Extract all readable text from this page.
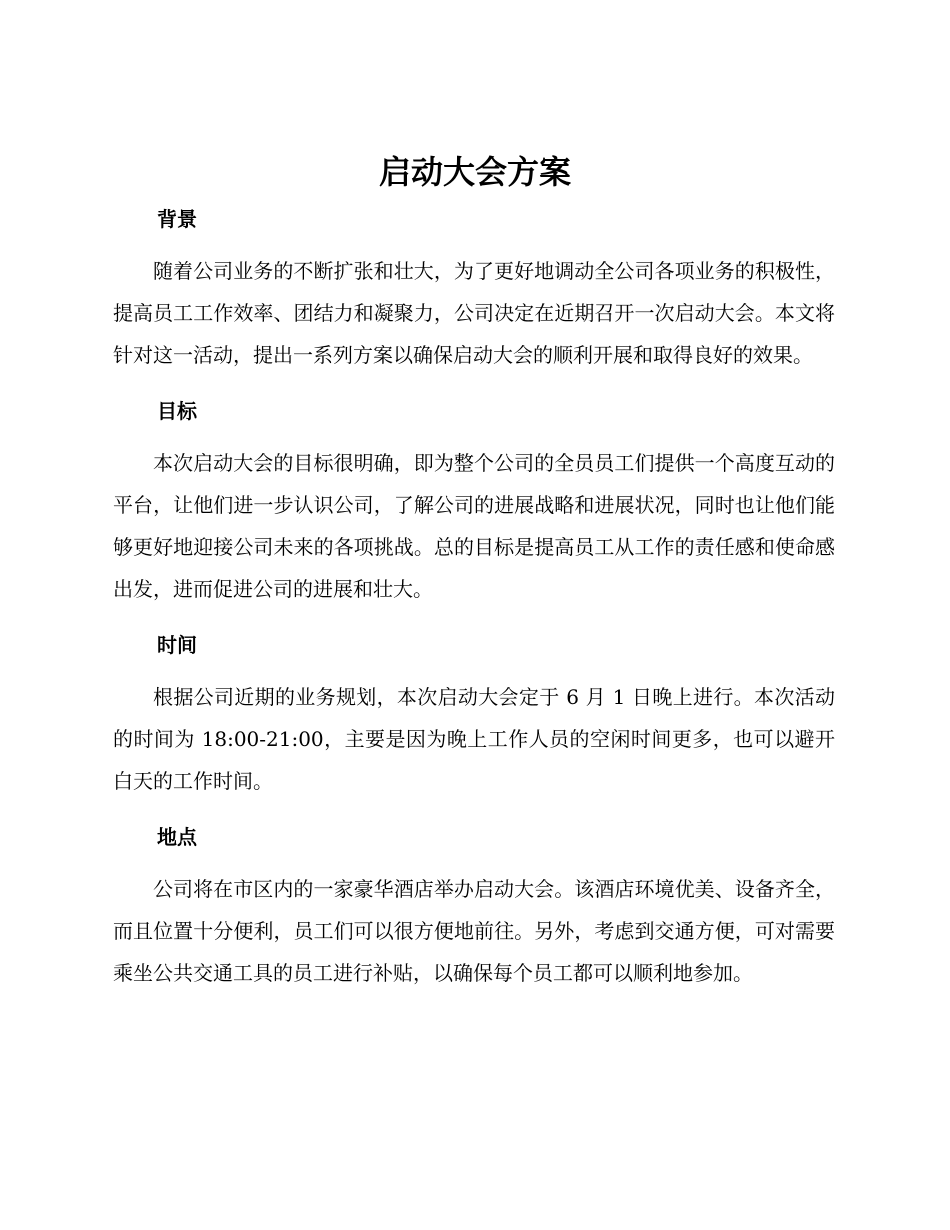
启动大会方案
背景

随着公司业务的不断扩张和壮大，为了更好地调动全公司各项业务的积极性，提高员工工作效率、团结力和凝聚力，公司决定在近期召开一次启动大会。本文将针对这一活动，提出一系列方案以确保启动大会的顺利开展和取得良好的效果。

目标

本次启动大会的目标很明确，即为整个公司的全员员工们提供一个高度互动的平台，让他们进一步认识公司，了解公司的进展战略和进展状况，同时也让他们能够更好地迎接公司未来的各项挑战。总的目标是提高员工从工作的责任感和使命感出发，进而促进公司的进展和壮大。

时间

根据公司近期的业务规划，本次启动大会定于 6 月 1 日晚上进行。本次活动的时间为 18:00-21:00，主要是因为晚上工作人员的空闲时间更多，也可以避开白天的工作时间。

地点

公司将在市区内的一家豪华酒店举办启动大会。该酒店环境优美、设备齐全，而且位置十分便利，员工们可以很方便地前往。另外，考虑到交通方便，可对需要乘坐公共交通工具的员工进行补贴，以确保每个员工都可以顺利地参加。
